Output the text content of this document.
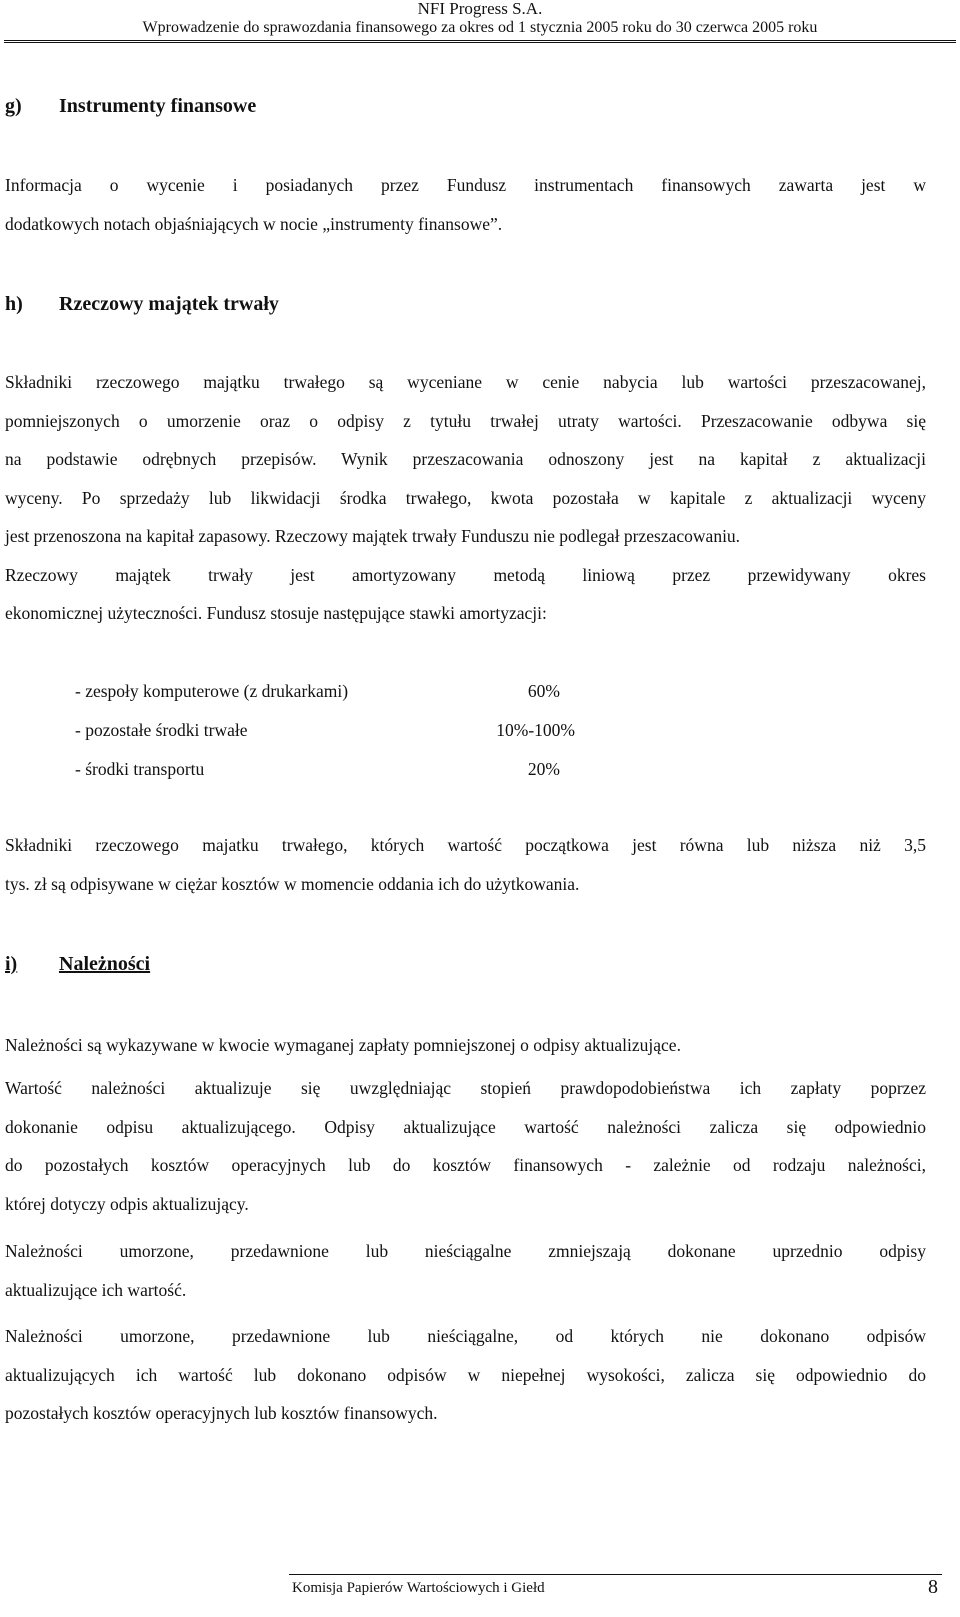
NFI Progress S.A.
Wprowadzenie do sprawozdania finansowego za okres od 1 stycznia 2005 roku do 30 czerwca 2005 roku
g) Instrumenty finansowe
Informacja o wycenie i posiadanych przez Fundusz instrumentach finansowych zawarta jest w
dodatkowych notach objaśniających w nocie „instrumenty finansowe”.
h) Rzeczowy majątek trwały
Składniki rzeczowego majątku trwałego są wyceniane w cenie nabycia lub wartości przeszacowanej,
pomniejszonych o umorzenie oraz o odpisy z tytułu trwałej utraty wartości. Przeszacowanie odbywa się
na podstawie odrębnych przepisów. Wynik przeszacowania odnoszony jest na kapitał z aktualizacji
wyceny. Po sprzedaży lub likwidacji środka trwałego, kwota pozostała w kapitale z aktualizacji wyceny
jest przenoszona na kapitał zapasowy. Rzeczowy majątek trwały Funduszu nie podlegał przeszacowaniu.
Rzeczowy majątek trwały jest amortyzowany metodą liniową przez przewidywany okres
ekonomicznej użyteczności. Fundusz stosuje następujące stawki amortyzacji:
- zespoły komputerowe (z drukarkami)	60%
- pozostałe środki trwałe	10%-100%
- środki transportu	20%
Składniki rzeczowego majatku trwałego, których wartość początkowa jest równa lub niższa niż 3,5
tys. zł są odpisywane w ciężar kosztów w momencie oddania ich do użytkowania.
i) Należności
Należności są wykazywane w kwocie wymaganej zapłaty pomniejszonej o odpisy aktualizujące.
Wartość należności aktualizuje się uwzględniając stopień prawdopodobieństwa ich zapłaty poprzez
dokonanie odpisu aktualizującego. Odpisy aktualizujące wartość należności zalicza się odpowiednio
do pozostałych kosztów operacyjnych lub do kosztów finansowych - zależnie od rodzaju należności,
której dotyczy odpis aktualizujący.
Należności umorzone, przedawnione lub nieściągalne zmniejszają dokonane uprzednio odpisy
aktualizujące ich wartość.
Należności umorzone, przedawnione lub nieściągalne, od których nie dokonano odpisów
aktualizujących ich wartość lub dokonano odpisów w niepełnej wysokości, zalicza się odpowiednio do
pozostałych kosztów operacyjnych lub kosztów finansowych.
Komisja Papierów Wartościowych i Giełd	8
